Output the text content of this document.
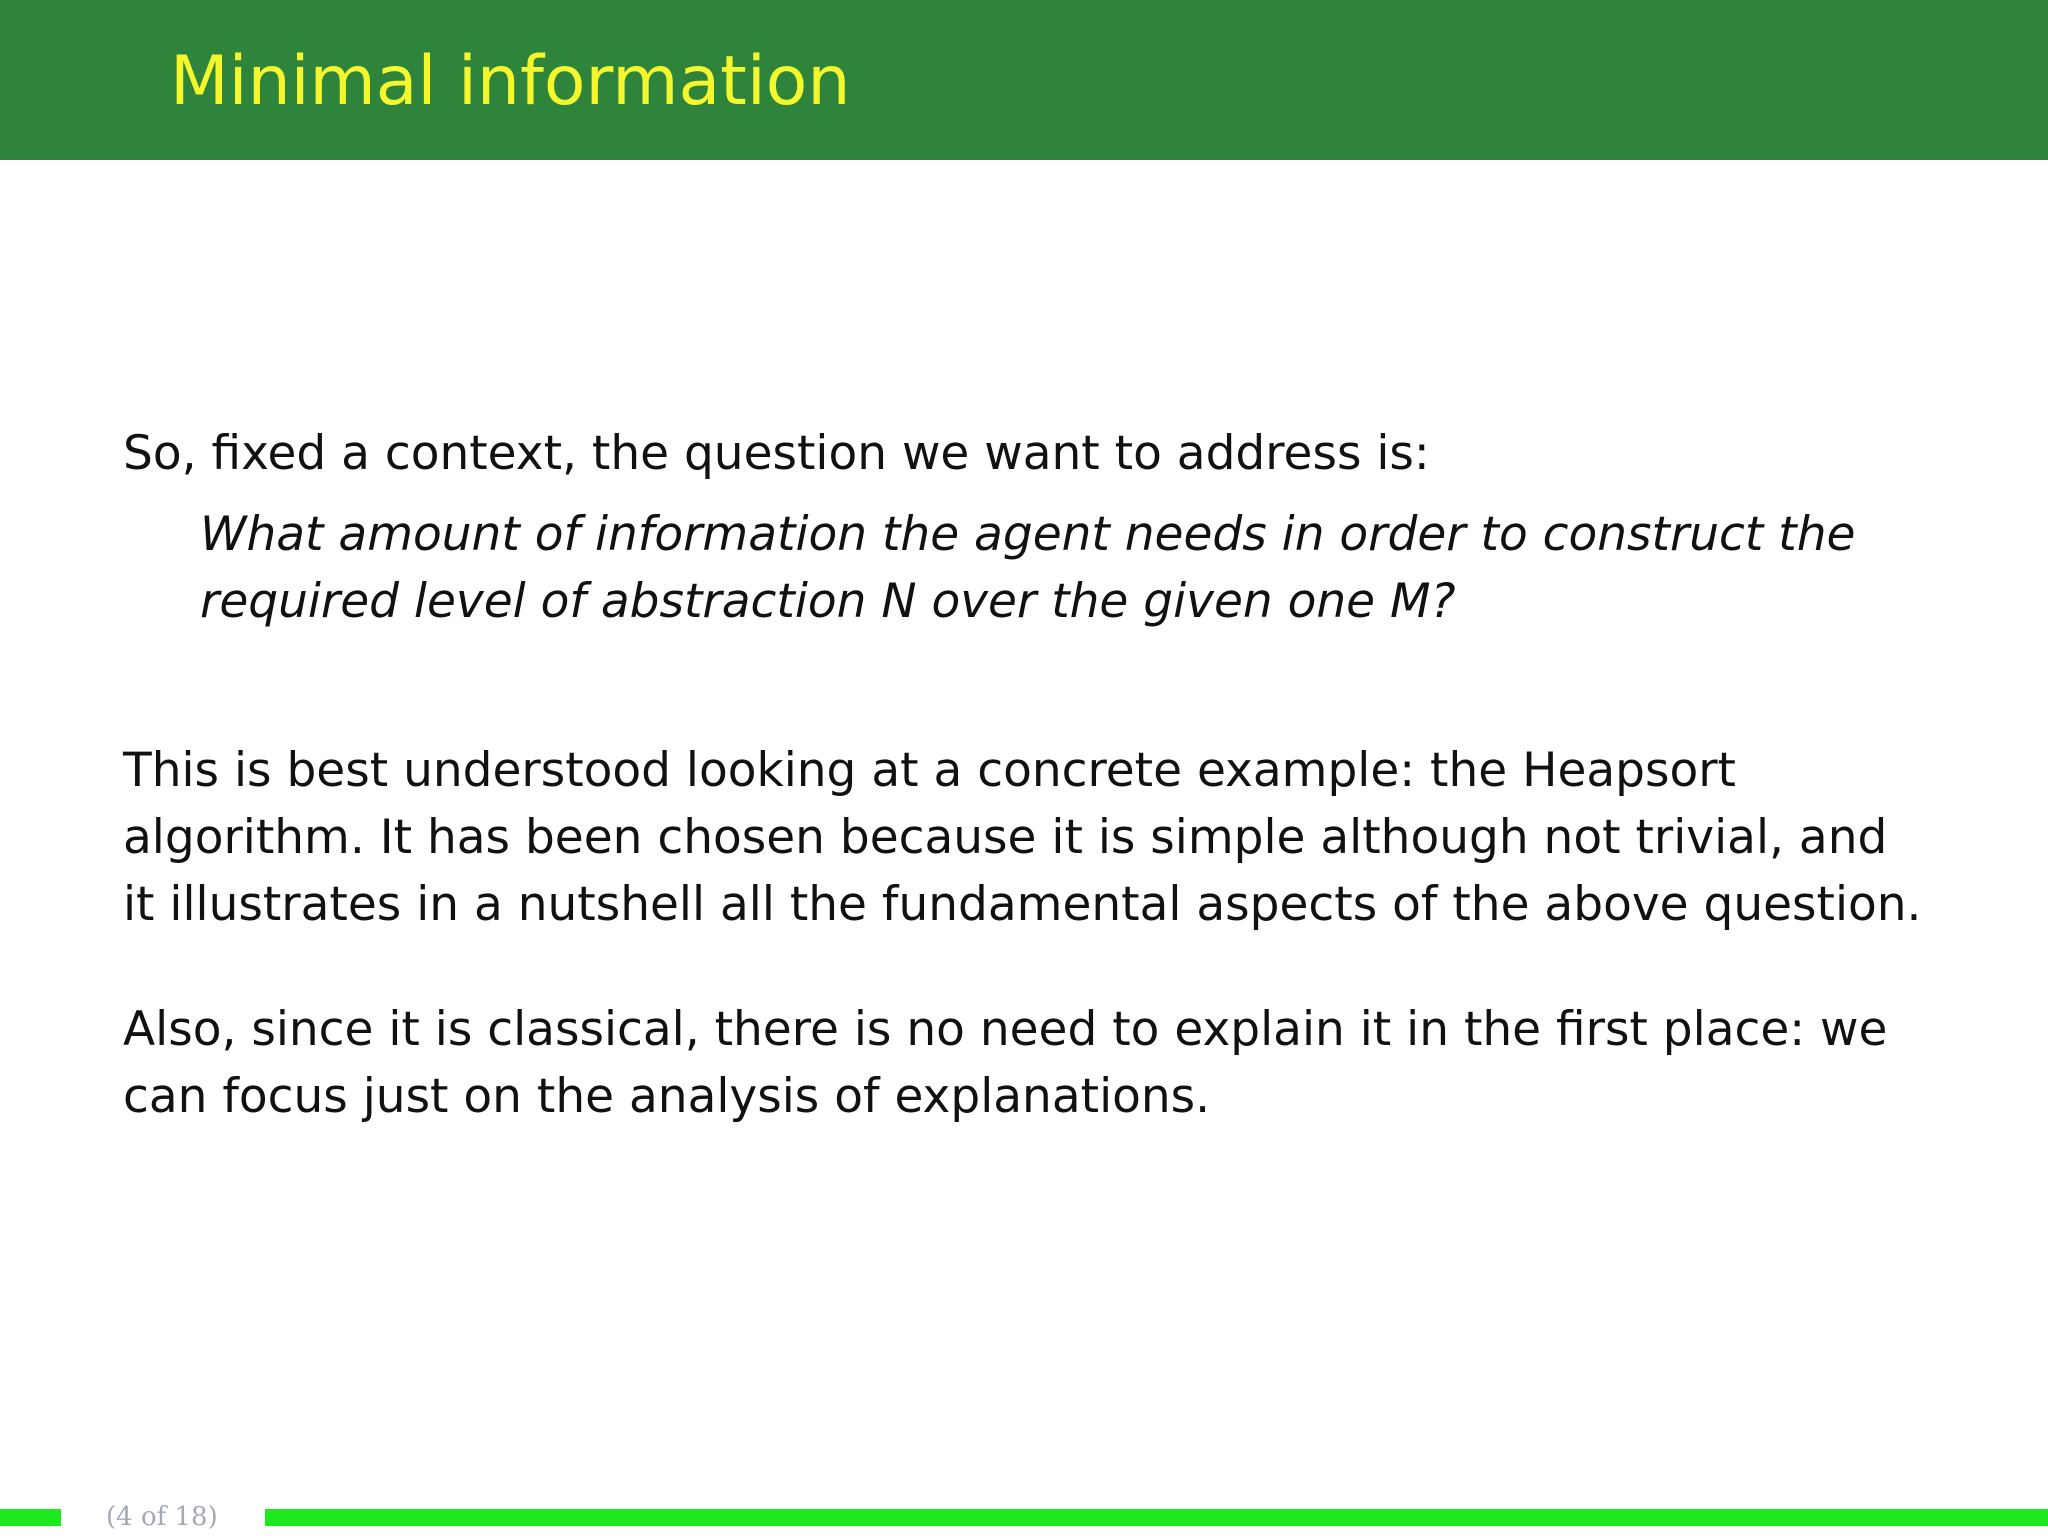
Minimal information

So, fixed a context, the question we want to address is:

What amount of information the agent needs in order to construct the
required level of abstraction N over the given one M?
This is best understood looking at a concrete example: the Heapsort
algorithm. It has been chosen because it is simple although not trivial, and
it illustrates in a nutshell all the fundamental aspects of the above question.
Also, since it is classical, there is no need to explain it in the first place: we
can focus just on the analysis of explanations.
(4 of 18)
